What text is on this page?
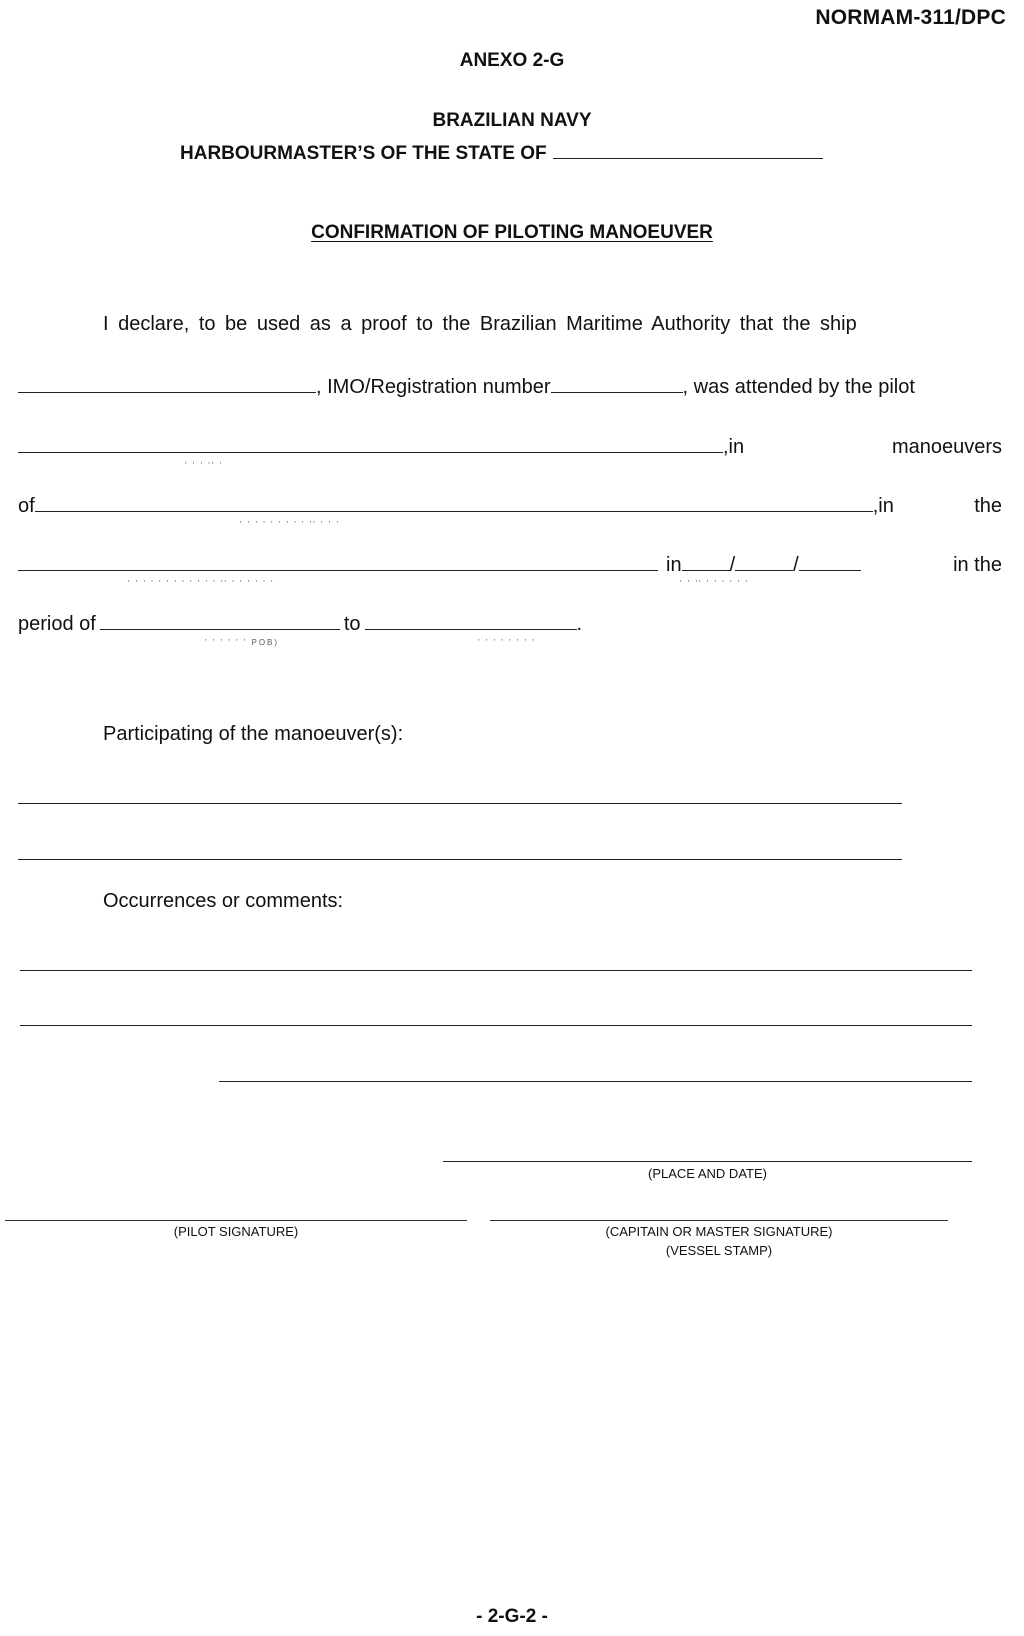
NORMAM-311/DPC
ANEXO 2-G
BRAZILIAN NAVY
HARBOURMASTER’S OF THE STATE OF
CONFIRMATION OF PILOTING MANOEUVER
I declare, to be used as a proof to the Brazilian Maritime Authority that the ship
, IMO/Registration number	, was attended by the pilot
,in	manoeuvers
' ' ' '' '
of	,in	the
' ' ' ' ' ' ' ' ' '' ' ' '
in /	/	in the
' ' ' ' ' ' ' ' ' ' ' ' '' ' ' ' ' ' '	' ' '' ' ' ' ' ' '
period of	to	.
' ' ' ' ' ' POB)	' ' ' ' ' ' ' '
Participating of the manoeuver(s):
Occurrences or comments:
(PLACE AND DATE)
(PILOT SIGNATURE)	(CAPITAIN OR MASTER SIGNATURE)
(VESSEL STAMP)
- 2-G-2 -
